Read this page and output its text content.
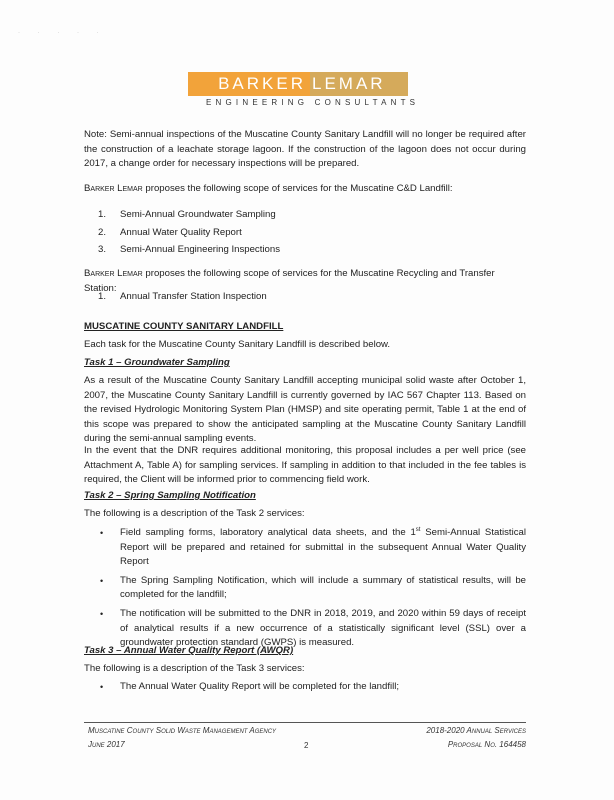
· · · · ·
BARKER LEMAR
ENGINEERING CONSULTANTS
Note: Semi-annual inspections of the Muscatine County Sanitary Landfill will no longer be required after the construction of a leachate storage lagoon. If the construction of the lagoon does not occur during 2017, a change order for necessary inspections will be prepared.
Barker Lemar proposes the following scope of services for the Muscatine C&D Landfill:
1.	Semi-Annual Groundwater Sampling
2.	Annual Water Quality Report
3.	Semi-Annual Engineering Inspections
Barker Lemar proposes the following scope of services for the Muscatine Recycling and Transfer Station:
1.	Annual Transfer Station Inspection
MUSCATINE COUNTY SANITARY LANDFILL
Each task for the Muscatine County Sanitary Landfill is described below.
Task 1 – Groundwater Sampling
As a result of the Muscatine County Sanitary Landfill accepting municipal solid waste after October 1, 2007, the Muscatine County Sanitary Landfill is currently governed by IAC 567 Chapter 113. Based on the revised Hydrologic Monitoring System Plan (HMSP) and site operating permit, Table 1 at the end of this scope was prepared to show the anticipated sampling at the Muscatine County Sanitary Landfill during the semi-annual sampling events.
In the event that the DNR requires additional monitoring, this proposal includes a per well price (see Attachment A, Table A) for sampling services. If sampling in addition to that included in the fee tables is required, the Client will be informed prior to commencing field work.
Task 2 – Spring Sampling Notification
The following is a description of the Task 2 services:
•	Field sampling forms, laboratory analytical data sheets, and the 1st Semi-Annual Statistical Report will be prepared and retained for submittal in the subsequent Annual Water Quality Report
•	The Spring Sampling Notification, which will include a summary of statistical results, will be completed for the landfill;
•	The notification will be submitted to the DNR in 2018, 2019, and 2020 within 59 days of receipt of analytical results if a new occurrence of a statistically significant level (SSL) over a groundwater protection standard (GWPS) is measured.
Task 3 – Annual Water Quality Report (AWQR)
The following is a description of the Task 3 services:
•	The Annual Water Quality Report will be completed for the landfill;
Muscatine County Solid Waste Management Agency
June 2017	2
2018-2020 Annual Services
Proposal No. 164458
